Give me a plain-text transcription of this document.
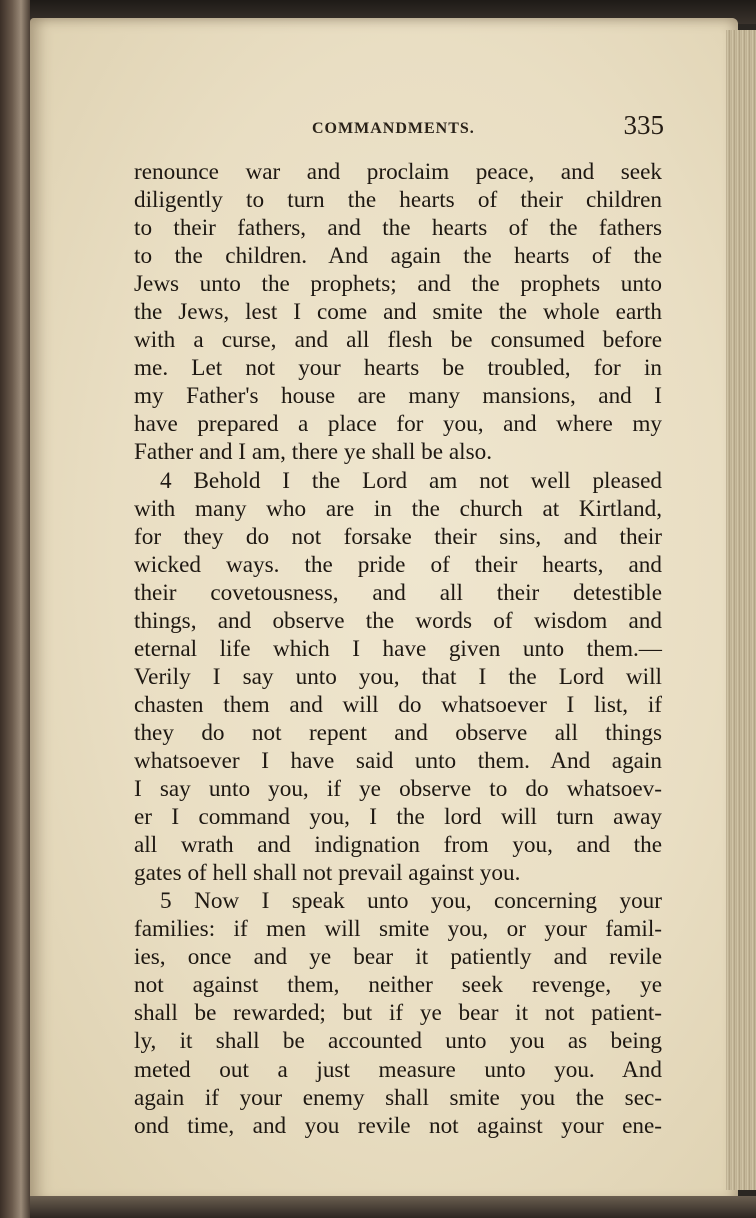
COMMANDMENTS.	335
renounce war and proclaim peace, and seek
diligently to turn the hearts of their children
to their fathers, and the hearts of the fathers
to the children. And again the hearts of the
Jews unto the prophets; and the prophets unto
the Jews, lest I come and smite the whole earth
with a curse, and all flesh be consumed before
me. Let not your hearts be troubled, for in
my Father's house are many mansions, and I
have prepared a place for you, and where my
Father and I am, there ye shall be also.
4 Behold I the Lord am not well pleased
with many who are in the church at Kirtland,
for they do not forsake their sins, and their
wicked ways. the pride of their hearts, and
their covetousness, and all their detestible
things, and observe the words of wisdom and
eternal life which I have given unto them.—
Verily I say unto you, that I the Lord will
chasten them and will do whatsoever I list, if
they do not repent and observe all things
whatsoever I have said unto them. And again
I say unto you, if ye observe to do whatsoev-
er I command you, I the lord will turn away
all wrath and indignation from you, and the
gates of hell shall not prevail against you.
5 Now I speak unto you, concerning your
families: if men will smite you, or your famil-
ies, once and ye bear it patiently and revile
not against them, neither seek revenge, ye
shall be rewarded; but if ye bear it not patient-
ly, it shall be accounted unto you as being
meted out a just measure unto you. And
again if your enemy shall smite you the sec-
ond time, and you revile not against your ene-
